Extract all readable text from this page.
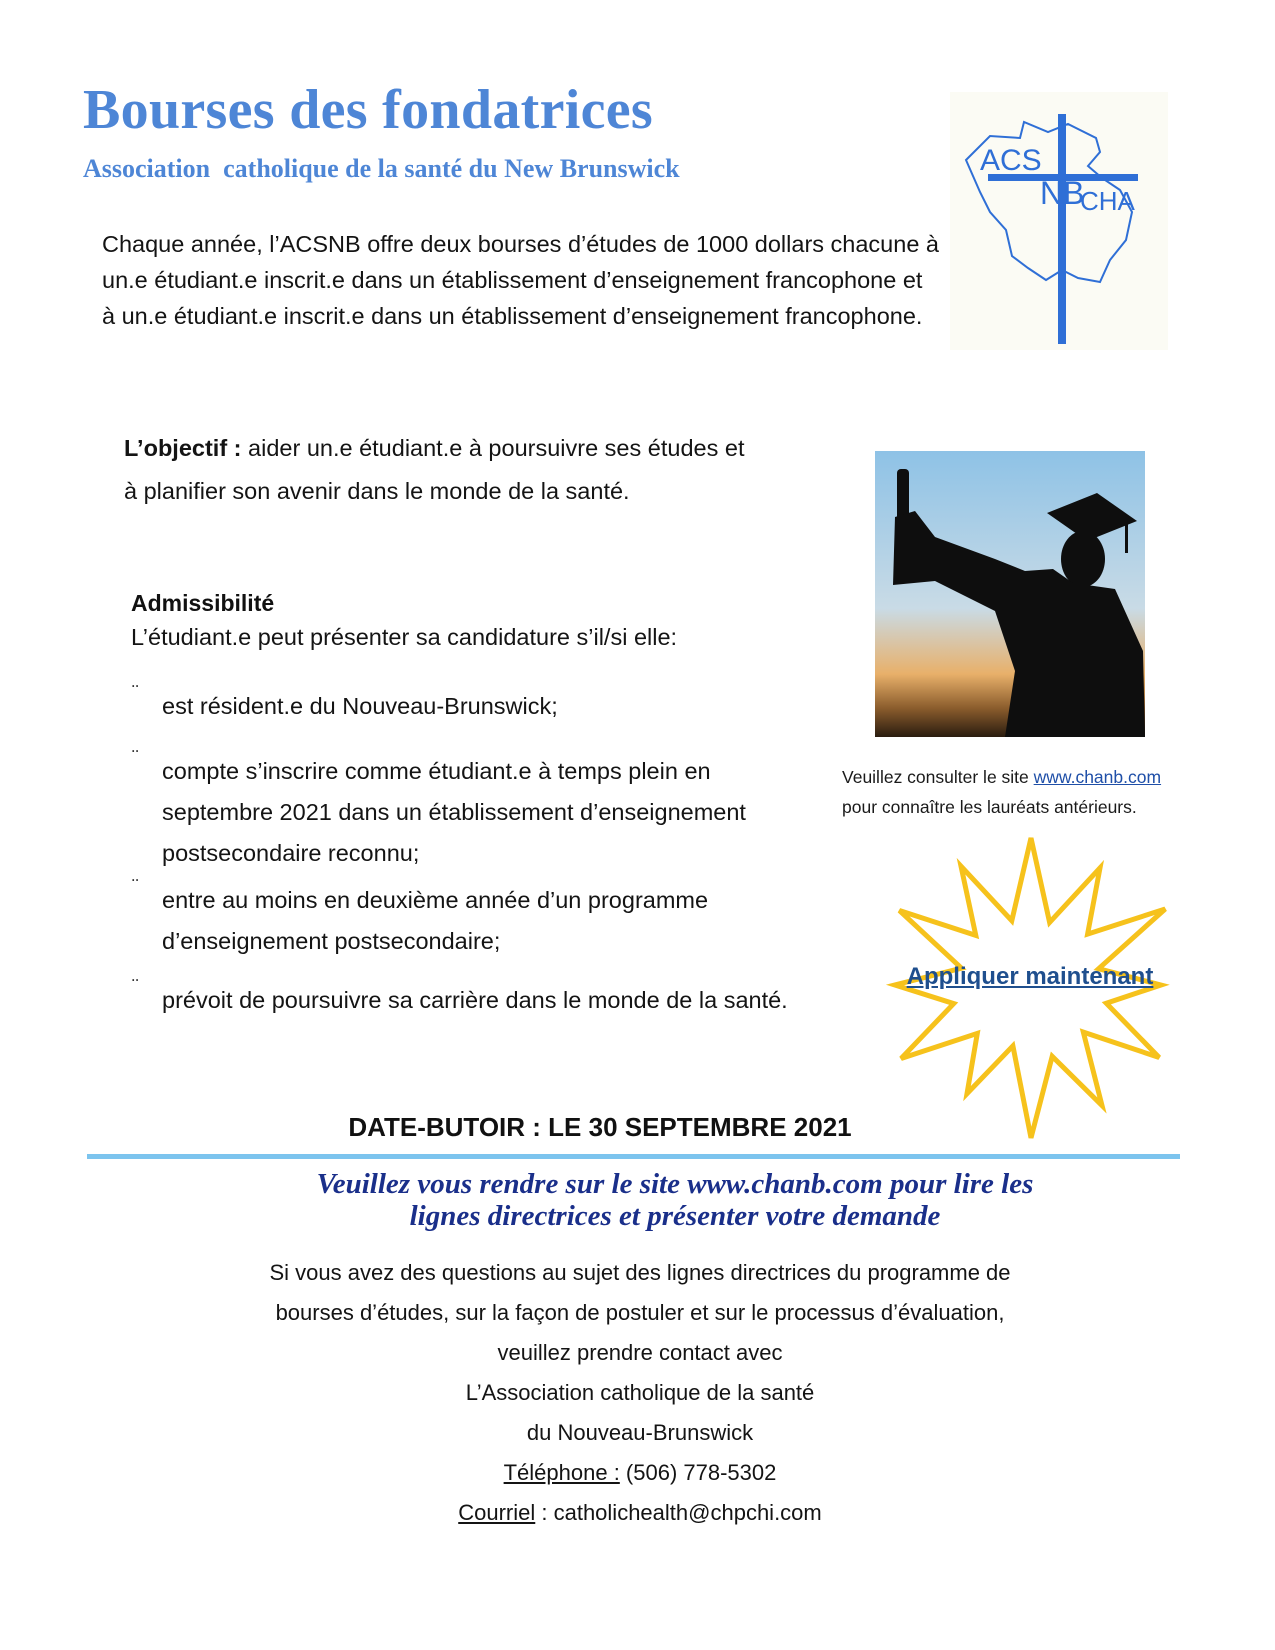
Bourses des fondatrices

Association  catholique de la santé du New Brunswick	ACS
NB
CHA

Chaque année, l’ACSNB offre deux bourses d’études de 1000 dollars chacune à un.e étudiant.e inscrit.e dans un établissement d’enseignement francophone et à un.e étudiant.e inscrit.e dans un établissement d’enseignement francophone.

L’objectif : aider un.e étudiant.e à poursuivre ses études et à planifier son avenir dans le monde de la santé.

Admissibilité

L’étudiant.e peut présenter sa candidature s’il/si elle:

¨ est résident.e du Nouveau-Brunswick;
¨ compte s’inscrire comme étudiant.e à temps plein en septembre 2021 dans un établissement d’enseignement postsecondaire reconnu;
¨ entre au moins en deuxième année d’un programme d’enseignement postsecondaire;
¨ prévoit de poursuivre sa carrière dans le monde de la santé.

Veuillez consulter le site www.chanb.com
pour connaître les lauréats antérieurs.

Appliquer maintenant
DATE-BUTOIR : LE 30 SEPTEMBRE 2021

Veuillez vous rendre sur le site www.chanb.com pour lire les
lignes directrices et présenter votre demande

Si vous avez des questions au sujet des lignes directrices du programme de
bourses d’études, sur la façon de postuler et sur le processus d’évaluation,
veuillez prendre contact avec
L’Association catholique de la santé
du Nouveau-Brunswick
Téléphone : (506) 778-5302
Courriel : catholichealth@chpchi.com
